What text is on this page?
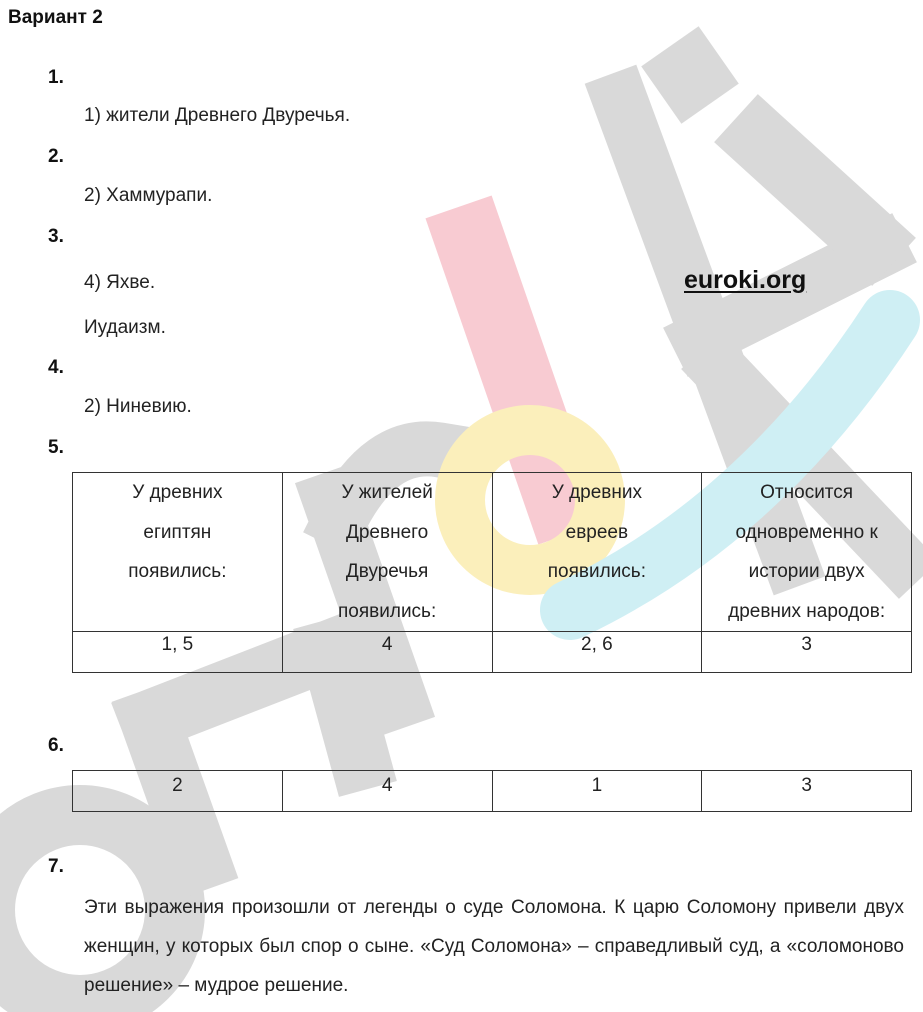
Вариант 2
1.
1) жители Древнего Двуречья.
2.
2) Хаммурапи.
3.
4) Яхве.	euroki.org
Иудаизм.
4.
2) Ниневию.
5.
У древних
египтян
появились:	У жителей
Древнего
Двуречья
появились:	У древних
евреев
появились:	Относится
одновременно к
истории двух
древних народов:
1, 5	4	2, 6	3
6.
2	4	1	3
7.
Эти выражения произошли от легенды о суде Соломона. К царю Соломону привели двух женщин, у которых был спор о сыне. «Суд Соломона» – справедливый суд, а «соломоново решение» – мудрое решение.
